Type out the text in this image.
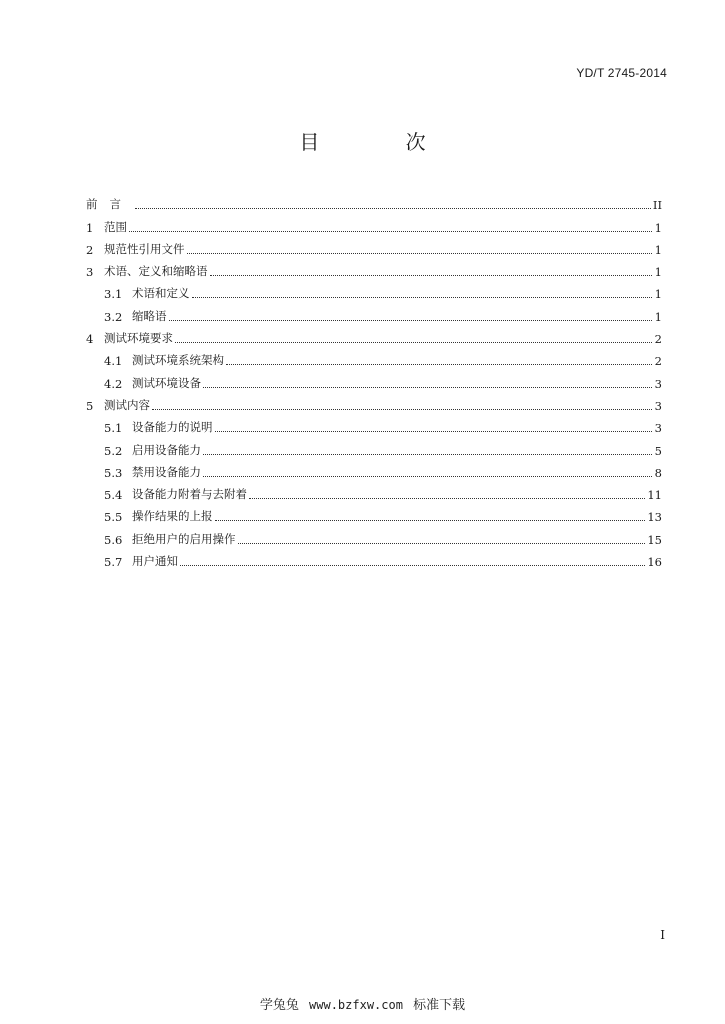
YD/T 2745-2014
目 次
前言	II
1 范围	1
2 规范性引用文件	1
3 术语、定义和缩略语	1
3.1 术语和定义	1
3.2 缩略语	1
4 测试环境要求	2
4.1 测试环境系统架构	2
4.2 测试环境设备	3
5 测试内容	3
5.1 设备能力的说明	3
5.2 启用设备能力	5
5.3 禁用设备能力	8
5.4 设备能力附着与去附着	11
5.5 操作结果的上报	13
5.6 拒绝用户的启用操作	15
5.7 用户通知	16
I
学兔兔 www.bzfxw.com 标准下载
